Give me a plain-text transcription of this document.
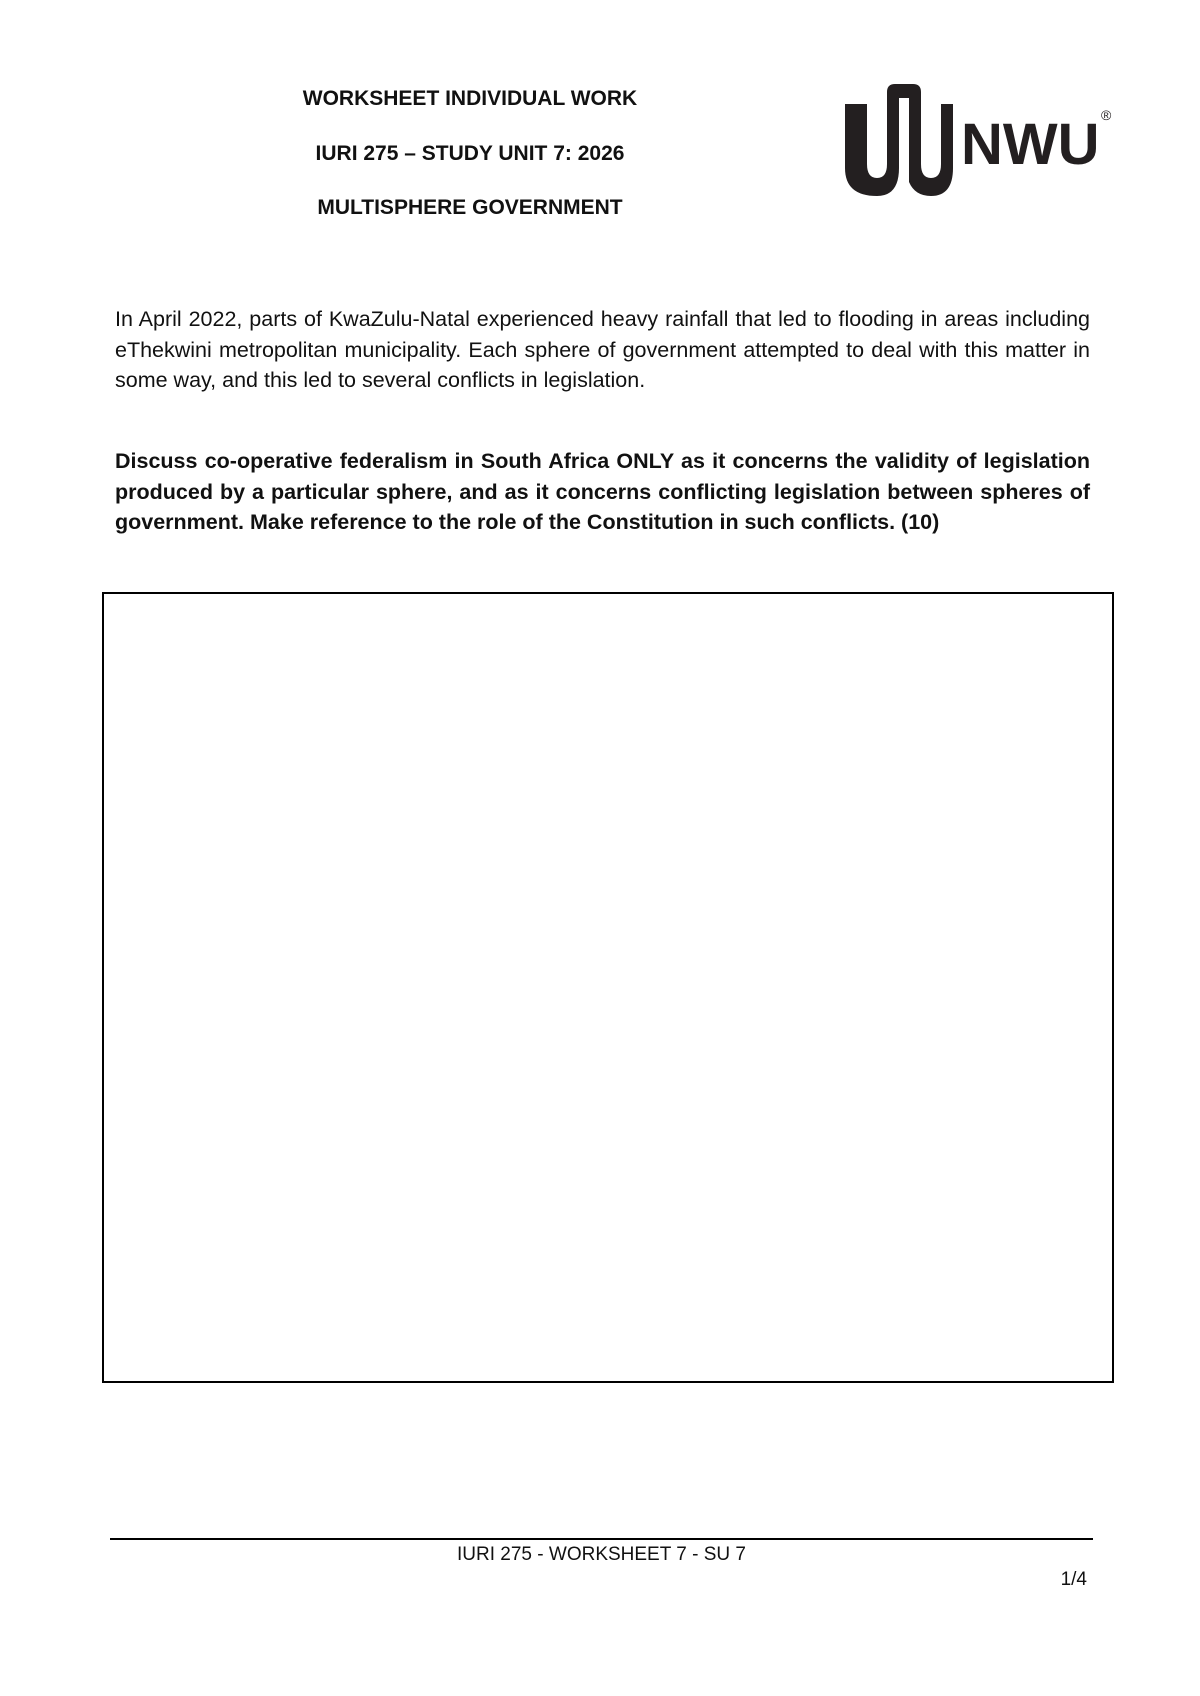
WORKSHEET INDIVIDUAL WORK
IURI 275 – STUDY UNIT 7: 2026
MULTISPHERE GOVERNMENT
NWU ®

In April 2022, parts of KwaZulu-Natal experienced heavy rainfall that led to flooding in areas including eThekwini metropolitan municipality. Each sphere of government attempted to deal with this matter in some way, and this led to several conflicts in legislation.

Discuss co-operative federalism in South Africa ONLY as it concerns the validity of legislation produced by a particular sphere, and as it concerns conflicting legislation between spheres of government. Make reference to the role of the Constitution in such conflicts. (10)

IURI 275 - WORKSHEET 7 - SU 7
1/4
